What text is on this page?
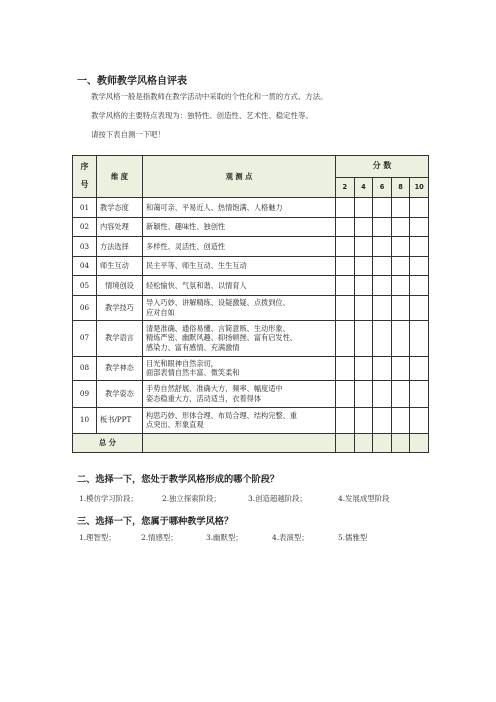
一、教师教学风格自评表
教学风格一般是指教师在教学活动中采取的个性化和一贯的方式、方法。
教学风格的主要特点表现为：独特性、创造性、艺术性、稳定性等。
请按下表自测一下吧！
序
号	维 度	观 测 点	分 数				
			2	4	6	8	10
01	教学态度	和蔼可亲、平易近人、热情饱满、人格魅力					

02	内容处理	新颖性、趣味性、独创性					

03	方法选择	多样性、灵活性、创造性					

04	师生互动	民主平等、师生互动、生生互动					

05	情境创设	轻松愉快、气氛和谐、以情育人					

06	教学技巧	导入巧妙、讲解精练、设疑激疑、点拨到位、
应对自如					

07	教学语言	清楚准确、通俗易懂、言简意赅、生动形象、
精炼严密、幽默风趣、抑扬顿挫、富有启发性、
感染力、富有感情、充满激情					

08	教学神态	目光和眼神自然亲切，
面部表情自然丰富、微笑柔和					

09	教学姿态	手势自然舒展、准确大方，频率、幅度适中
姿态稳重大方，活动适当，衣着得体					

10	板书/PPT	构思巧妙、形体合理、布局合理、结构完整、重
点突出、形象直观					

总 分							
二、选择一下，您处于教学风格形成的哪个阶段？
1.模仿学习阶段；	2.独立探索阶段；	3.创造超越阶段；	4.发展成型阶段
三、选择一下，您属于哪种教学风格？
1.理智型；	2.情感型；	3.幽默型；	4.表演型；	5.儒雅型
